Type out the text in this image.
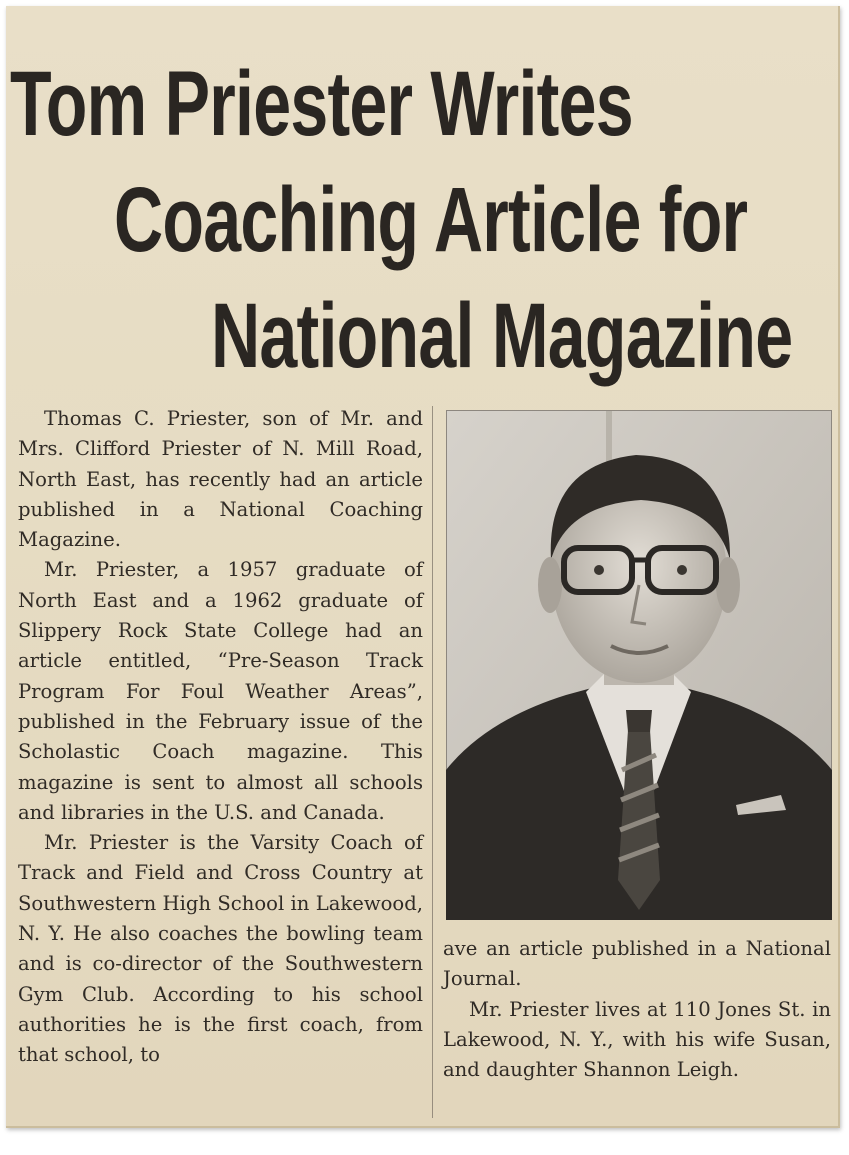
Tom Priester Writes
Coaching Article for
National Magazine

Thomas C. Priester, son of Mr. and Mrs. Clifford Priester of N. Mill Road, North East, has recently had an article published in a National Coaching Magazine.

Mr. Priester, a 1957 graduate of North East and a 1962 graduate of Slippery Rock State College had an article entitled, “Pre-Season Track Program For Foul Weather Areas”, published in the February issue of the Scholastic Coach magazine. This magazine is sent to almost all schools and libraries in the U.S. and Canada.

Mr. Priester is the Varsity Coach of Track and Field and Cross Country at Southwestern High School in Lakewood, N. Y. He also coaches the bowling team and is co-director of the Southwestern Gym Club. According to his school authorities he is the first coach, from that school, to

ave an article published in a National Journal.

Mr. Priester lives at 110 Jones St. in Lakewood, N. Y., with his wife Susan, and daughter Shannon Leigh.
